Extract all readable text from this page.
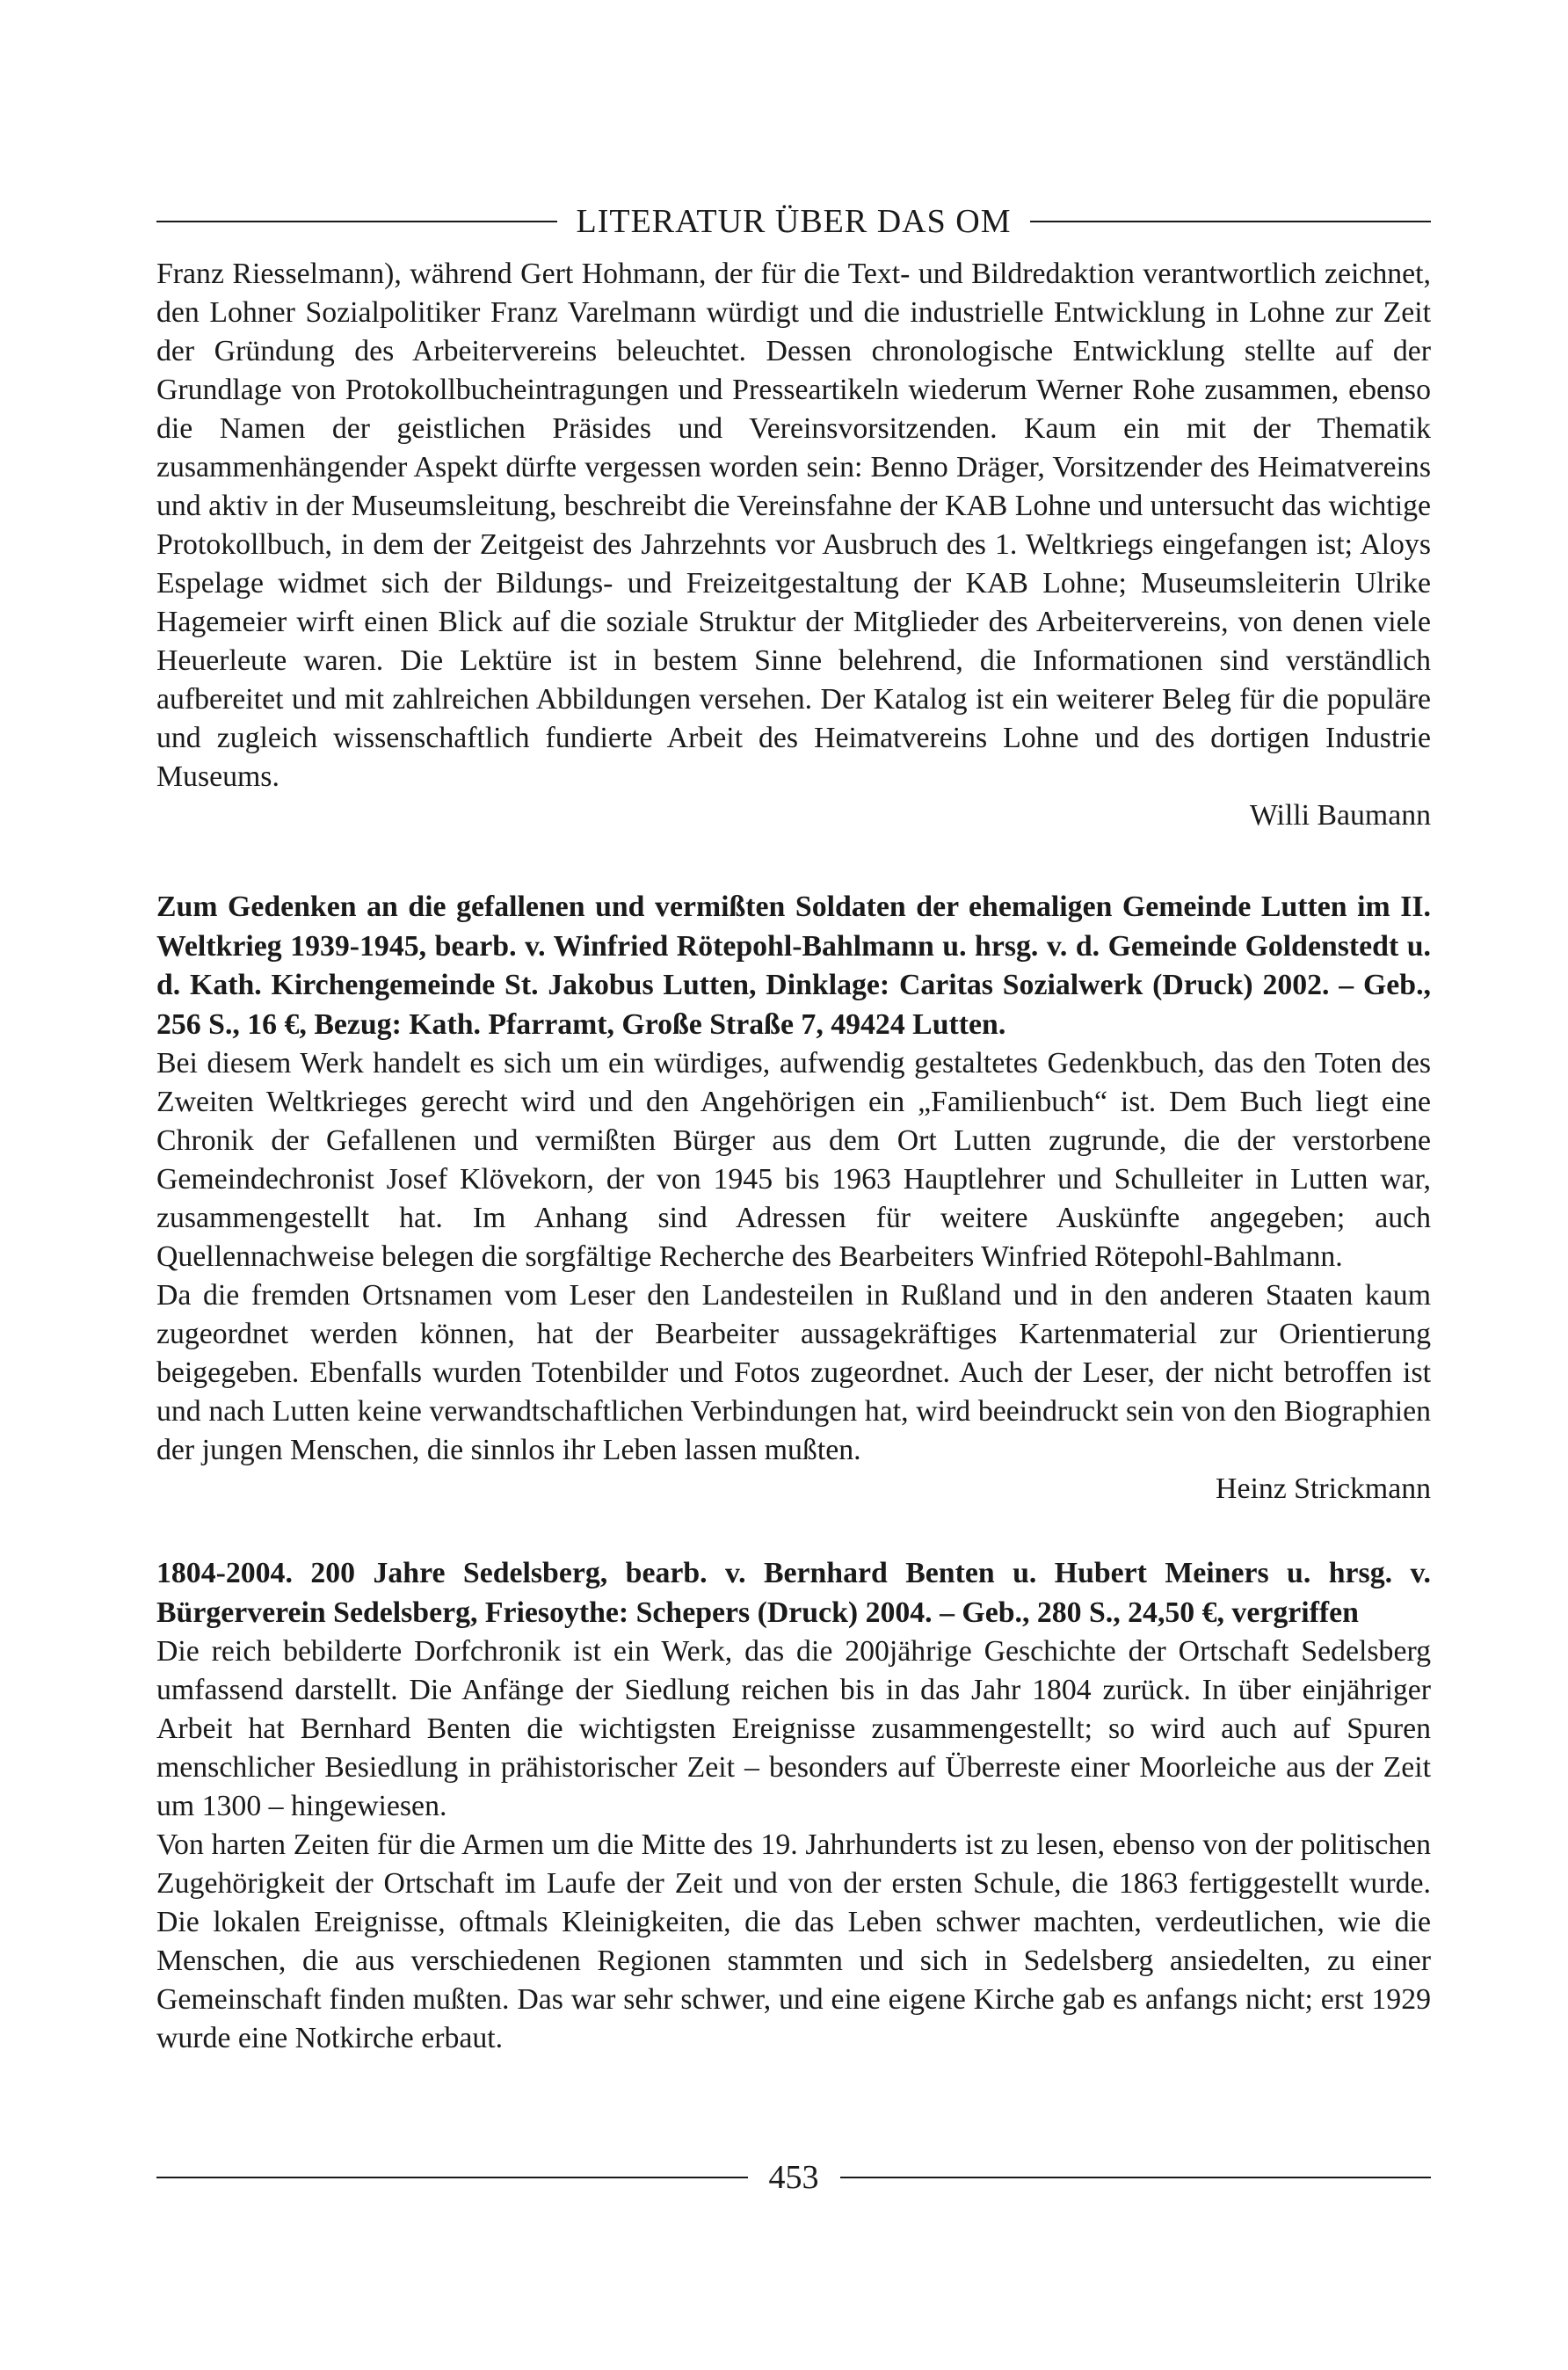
LITERATUR ÜBER DAS OM

Franz Riesselmann), während Gert Hohmann, der für die Text- und Bildredaktion verantwortlich zeichnet, den Lohner Sozialpolitiker Franz Varelmann würdigt und die industrielle Entwicklung in Lohne zur Zeit der Gründung des Arbeitervereins beleuchtet. Dessen chronologische Entwicklung stellte auf der Grundlage von Protokollbucheintragungen und Presseartikeln wiederum Werner Rohe zusammen, ebenso die Namen der geistlichen Präsides und Vereinsvorsitzenden. Kaum ein mit der Thematik zusammenhängender Aspekt dürfte vergessen worden sein: Benno Dräger, Vorsitzender des Heimatvereins und aktiv in der Museumsleitung, beschreibt die Vereinsfahne der KAB Lohne und untersucht das wichtige Protokollbuch, in dem der Zeitgeist des Jahrzehnts vor Ausbruch des 1. Weltkriegs eingefangen ist; Aloys Espelage widmet sich der Bildungs- und Freizeitgestaltung der KAB Lohne; Museumsleiterin Ulrike Hagemeier wirft einen Blick auf die soziale Struktur der Mitglieder des Arbeitervereins, von denen viele Heuerleute waren. Die Lektüre ist in bestem Sinne belehrend, die Informationen sind verständlich aufbereitet und mit zahlreichen Abbildungen versehen. Der Katalog ist ein weiterer Beleg für die populäre und zugleich wissenschaftlich fundierte Arbeit des Heimatvereins Lohne und des dortigen Industrie Museums.

Willi Baumann

Zum Gedenken an die gefallenen und vermißten Soldaten der ehemaligen Gemeinde Lutten im II. Weltkrieg 1939-1945, bearb. v. Winfried Rötepohl-Bahlmann u. hrsg. v. d. Gemeinde Goldenstedt u. d. Kath. Kirchengemeinde St. Jakobus Lutten, Dinklage: Caritas Sozialwerk (Druck) 2002. – Geb., 256 S., 16 €, Bezug: Kath. Pfarramt, Große Straße 7, 49424 Lutten.

Bei diesem Werk handelt es sich um ein würdiges, aufwendig gestaltetes Gedenkbuch, das den Toten des Zweiten Weltkrieges gerecht wird und den Angehörigen ein „Familienbuch“ ist. Dem Buch liegt eine Chronik der Gefallenen und vermißten Bürger aus dem Ort Lutten zugrunde, die der verstorbene Gemeindechronist Josef Klövekorn, der von 1945 bis 1963 Hauptlehrer und Schulleiter in Lutten war, zusammengestellt hat. Im Anhang sind Adressen für weitere Auskünfte angegeben; auch Quellennachweise belegen die sorgfältige Recherche des Bearbeiters Winfried Rötepohl-Bahlmann.

Da die fremden Ortsnamen vom Leser den Landesteilen in Rußland und in den anderen Staaten kaum zugeordnet werden können, hat der Bearbeiter aussagekräftiges Kartenmaterial zur Orientierung beigegeben. Ebenfalls wurden Totenbilder und Fotos zugeordnet. Auch der Leser, der nicht betroffen ist und nach Lutten keine verwandtschaftlichen Verbindungen hat, wird beeindruckt sein von den Biographien der jungen Menschen, die sinnlos ihr Leben lassen mußten.

Heinz Strickmann

1804-2004. 200 Jahre Sedelsberg, bearb. v. Bernhard Benten u. Hubert Meiners u. hrsg. v. Bürgerverein Sedelsberg, Friesoythe: Schepers (Druck) 2004. – Geb., 280 S., 24,50 €, vergriffen

Die reich bebilderte Dorfchronik ist ein Werk, das die 200jährige Geschichte der Ortschaft Sedelsberg umfassend darstellt. Die Anfänge der Siedlung reichen bis in das Jahr 1804 zurück. In über einjähriger Arbeit hat Bernhard Benten die wichtigsten Ereignisse zusammengestellt; so wird auch auf Spuren menschlicher Besiedlung in prähistorischer Zeit – besonders auf Überreste einer Moorleiche aus der Zeit um 1300 – hingewiesen.

Von harten Zeiten für die Armen um die Mitte des 19. Jahrhunderts ist zu lesen, ebenso von der politischen Zugehörigkeit der Ortschaft im Laufe der Zeit und von der ersten Schule, die 1863 fertiggestellt wurde. Die lokalen Ereignisse, oftmals Kleinigkeiten, die das Leben schwer machten, verdeutlichen, wie die Menschen, die aus verschiedenen Regionen stammten und sich in Sedelsberg ansiedelten, zu einer Gemeinschaft finden mußten. Das war sehr schwer, und eine eigene Kirche gab es anfangs nicht; erst 1929 wurde eine Notkirche erbaut.

453
